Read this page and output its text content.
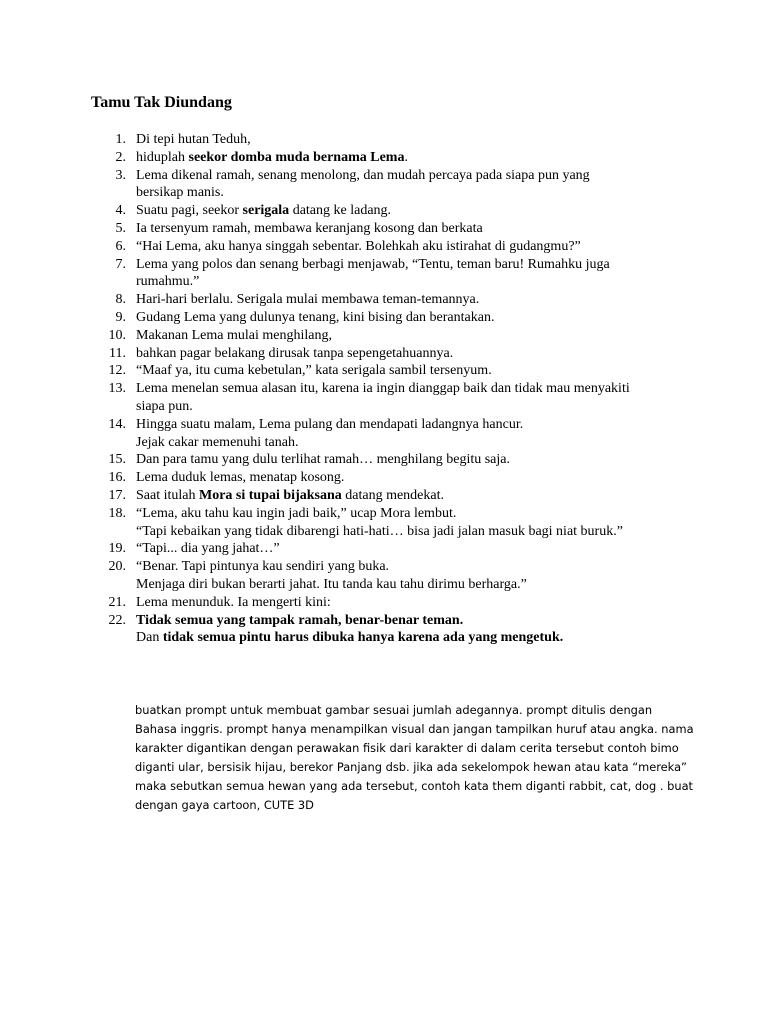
Tamu Tak Diundang
1. Di tepi hutan Teduh,
2. hiduplah seekor domba muda bernama Lema.
3. Lema dikenal ramah, senang menolong, dan mudah percaya pada siapa pun yang
bersikap manis.
4. Suatu pagi, seekor serigala datang ke ladang.
5. Ia tersenyum ramah, membawa keranjang kosong dan berkata
6. “Hai Lema, aku hanya singgah sebentar. Bolehkah aku istirahat di gudangmu?”
7. Lema yang polos dan senang berbagi menjawab, “Tentu, teman baru! Rumahku juga
rumahmu.”
8. Hari-hari berlalu. Serigala mulai membawa teman-temannya.
9. Gudang Lema yang dulunya tenang, kini bising dan berantakan.
10. Makanan Lema mulai menghilang,
11. bahkan pagar belakang dirusak tanpa sepengetahuannya.
12. “Maaf ya, itu cuma kebetulan,” kata serigala sambil tersenyum.
13. Lema menelan semua alasan itu, karena ia ingin dianggap baik dan tidak mau menyakiti
siapa pun.
14. Hingga suatu malam, Lema pulang dan mendapati ladangnya hancur.
Jejak cakar memenuhi tanah.
15. Dan para tamu yang dulu terlihat ramah… menghilang begitu saja.
16. Lema duduk lemas, menatap kosong.
17. Saat itulah Mora si tupai bijaksana datang mendekat.
18. “Lema, aku tahu kau ingin jadi baik,” ucap Mora lembut.
“Tapi kebaikan yang tidak dibarengi hati-hati… bisa jadi jalan masuk bagi niat buruk.”
19. “Tapi... dia yang jahat…”
20. “Benar. Tapi pintunya kau sendiri yang buka.
Menjaga diri bukan berarti jahat. Itu tanda kau tahu dirimu berharga.”
21. Lema menunduk. Ia mengerti kini:
22. Tidak semua yang tampak ramah, benar-benar teman.
Dan tidak semua pintu harus dibuka hanya karena ada yang mengetuk.
buatkan prompt untuk membuat gambar sesuai jumlah adegannya. prompt ditulis dengan
Bahasa inggris. prompt hanya menampilkan visual dan jangan tampilkan huruf atau angka. nama
karakter digantikan dengan perawakan fisik dari karakter di dalam cerita tersebut contoh bimo
diganti ular, bersisik hijau, berekor Panjang dsb. jika ada sekelompok hewan atau kata “mereka”
maka sebutkan semua hewan yang ada tersebut, contoh kata them diganti rabbit, cat, dog . buat
dengan gaya cartoon, CUTE 3D
